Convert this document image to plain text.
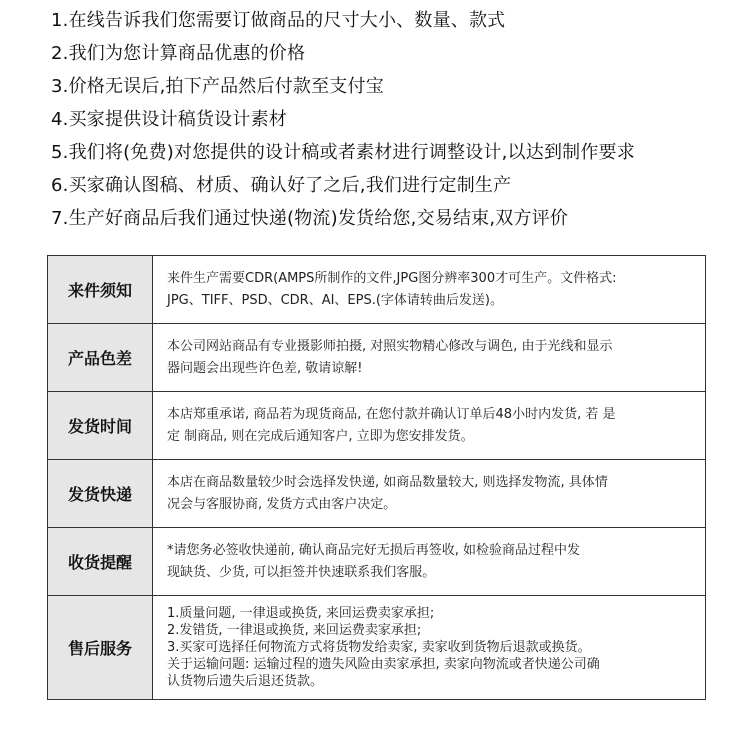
1.在线告诉我们您需要订做商品的尺寸大小、数量、款式
2.我们为您计算商品优惠的价格
3.价格无误后,拍下产品然后付款至支付宝
4.买家提供设计稿货设计素材
5.我们将(免费)对您提供的设计稿或者素材进行调整设计,以达到制作要求
6.买家确认图稿、材质、确认好了之后,我们进行定制生产
7.生产好商品后我们通过快递(物流)发货给您,交易结束,双方评价
来件须知	来件生产需要CDR(AMPS所制作的文件,JPG图分辨率300才可生产。文件格式:
JPG、TIFF、PSD、CDR、AI、EPS.(字体请转曲后发送)。

产品色差	本公司网站商品有专业摄影师拍摄, 对照实物精心修改与调色, 由于光线和显示
器问题会出现些许色差, 敬请谅解!

发货时间	本店郑重承诺, 商品若为现货商品, 在您付款并确认订单后48小时内发货, 若 是
定 制商品, 则在完成后通知客户, 立即为您安排发货。

发货快递	本店在商品数量较少时会选择发快递, 如商品数量较大, 则选择发物流, 具体情
况会与客服协商, 发货方式由客户决定。

收货提醒	*请您务必签收快递前, 确认商品完好无损后再签收, 如检验商品过程中发
现缺货、少货, 可以拒签并快速联系我们客服。

售后服务	1.质量问题, 一律退或换货, 来回运费卖家承担;
2.发错货, 一律退或换货, 来回运费卖家承担;
3.买家可选择任何物流方式将货物发给卖家, 卖家收到货物后退款或换货。
关于运输问题: 运输过程的遗失风险由卖家承担, 卖家向物流或者快递公司确
认货物后遗失后退还货款。
